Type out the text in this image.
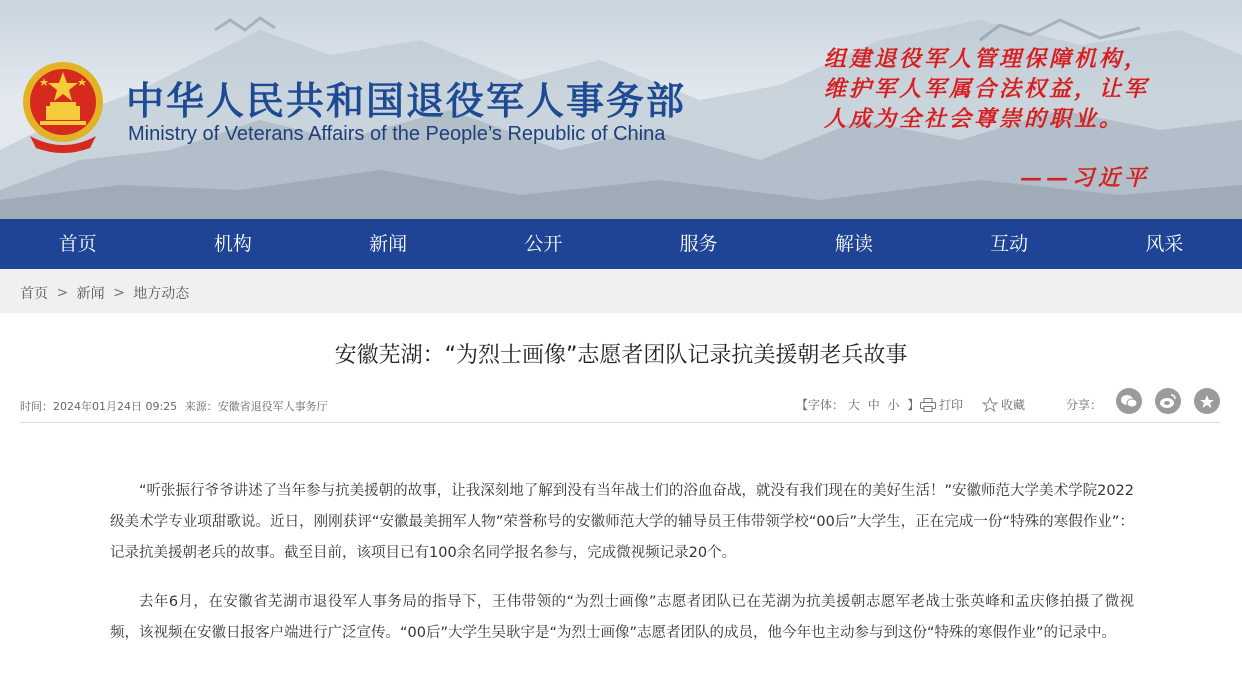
中华人民共和国退役军人事务部
Ministry of Veterans Affairs of the People’s Republic of China
组建退役军人管理保障机构，维护军人军属合法权益，让军人成为全社会尊崇的职业。
——习近平
首页	机构	新闻	公开	服务	解读	互动	风采
首页 > 新闻 > 地方动态
安徽芜湖：“为烈士画像”志愿者团队记录抗美援朝老兵故事
时间：2024年01月24日 09:25 来源：安徽省退役军人事务厅	【字体： 大 中 小 】	打印	收藏	分享：

“听张振行爷爷讲述了当年参与抗美援朝的故事，让我深刻地了解到没有当年战士们的浴血奋战，就没有我们现在的美好生活！”安徽师范大学美术学院2022级美术学专业项甜歌说。近日，刚刚获评“安徽最美拥军人物”荣誉称号的安徽师范大学的辅导员王伟带领学校“00后”大学生，正在完成一份“特殊的寒假作业”：记录抗美援朝老兵的故事。截至目前，该项目已有100余名同学报名参与，完成微视频记录20个。

去年6月，在安徽省芜湖市退役军人事务局的指导下，王伟带领的“为烈士画像”志愿者团队已在芜湖为抗美援朝志愿军老战士张英峰和孟庆修拍摄了微视频，该视频在安徽日报客户端进行广泛宣传。“00后”大学生吴耿宇是“为烈士画像”志愿者团队的成员，他今年也主动参与到这份“特殊的寒假作业”的记录中。
